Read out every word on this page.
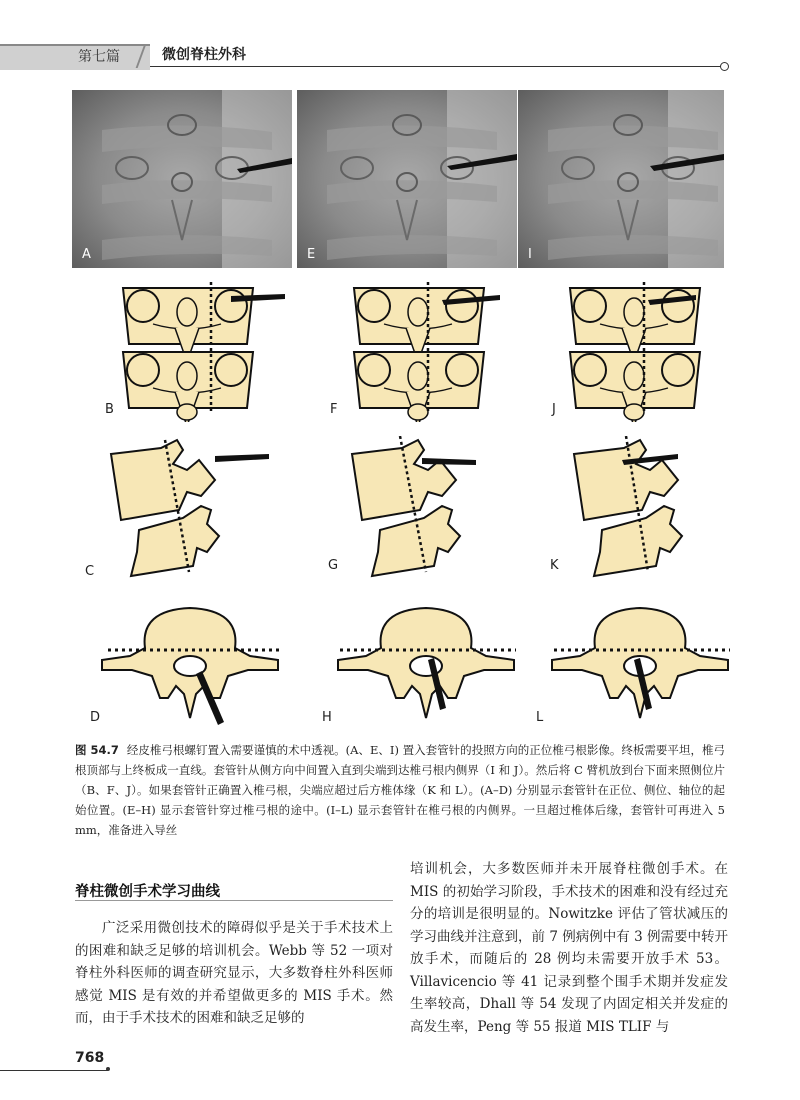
第七篇	微创脊柱外科
A	E	I
B	F	J
C	G	K
D	H	L
图 54.7 经皮椎弓根螺钉置入需要谨慎的术中透视。(A、E、I) 置入套管针的投照方向的正位椎弓根影像。终板需要平坦，椎弓根顶部与上终板成一直线。套管针从侧方向中间置入直到尖端到达椎弓根内侧界（I 和 J）。然后将 C 臂机放到台下面来照侧位片（B、F、J）。如果套管针正确置入椎弓根，尖端应超过后方椎体缘（K 和 L）。(A–D) 分别显示套管针在正位、侧位、轴位的起始位置。(E–H) 显示套管针穿过椎弓根的途中。(I–L) 显示套管针在椎弓根的内侧界。一旦超过椎体后缘，套管针可再进入 5 mm，准备进入导丝
脊柱微创手术学习曲线
广泛采用微创技术的障碍似乎是关于手术技术上的困难和缺乏足够的培训机会。Webb 等 52 一项对脊柱外科医师的调查研究显示，大多数脊柱外科医师感觉 MIS 是有效的并希望做更多的 MIS 手术。然而，由于手术技术的困难和缺乏足够的
培训机会，大多数医师并未开展脊柱微创手术。在 MIS 的初始学习阶段，手术技术的困难和没有经过充分的培训是很明显的。Nowitzke 评估了管状减压的学习曲线并注意到，前 7 例病例中有 3 例需要中转开放手术，而随后的 28 例均未需要开放手术 53。Villavicencio 等 41 记录到整个围手术期并发症发生率较高，Dhall 等 54 发现了内固定相关并发症的高发生率，Peng 等 55 报道 MIS TLIF 与
768
